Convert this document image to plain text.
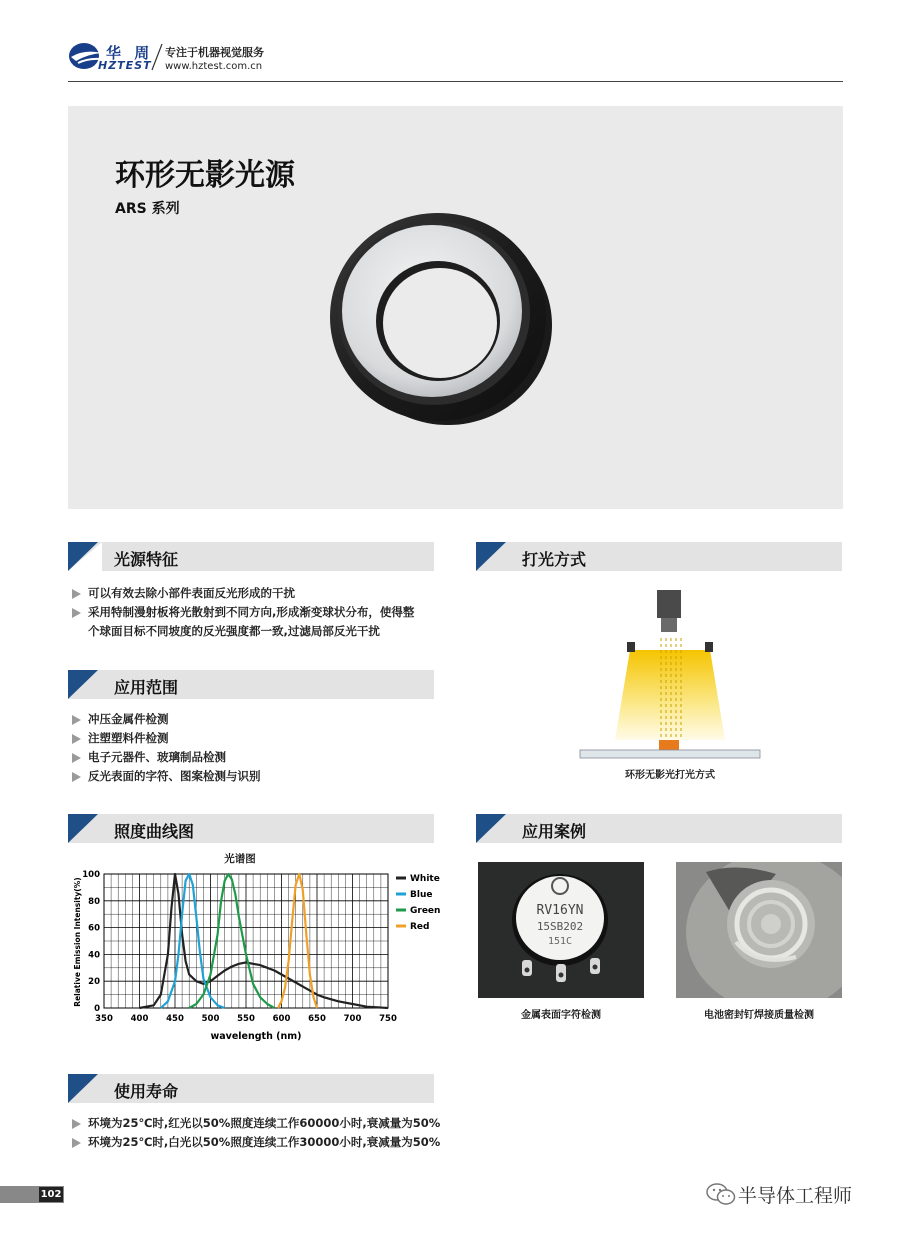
华 周
HZTEST
专注于机器视觉服务
www.hztest.com.cn
环形无影光源
ARS 系列
光源特征
可以有效去除小部件表面反光形成的干扰
采用特制漫射板将光散射到不同方向,形成渐变球状分布，使得整
个球面目标不同坡度的反光强度都一致,过滤局部反光干扰
应用范围
冲压金属件检测
注塑塑料件检测
电子元器件、玻璃制品检测
反光表面的字符、图案检测与识别
打光方式
环形无影光打光方式
照度曲线图
光谱图
350 400 450 500 550 600 650 700 750
0
20
40
60
80
100	White
Blue
Green
Red
wavelength (nm)
Relative Emission Intensity(%)
应用案例
RV16YN
15SB202
151C
金属表面字符检测	电池密封钉焊接质量检测
使用寿命
环境为25℃时,红光以50%照度连续工作60000小时,衰减量为50%
环境为25℃时,白光以50%照度连续工作30000小时,衰减量为50%
102	半导体工程师
